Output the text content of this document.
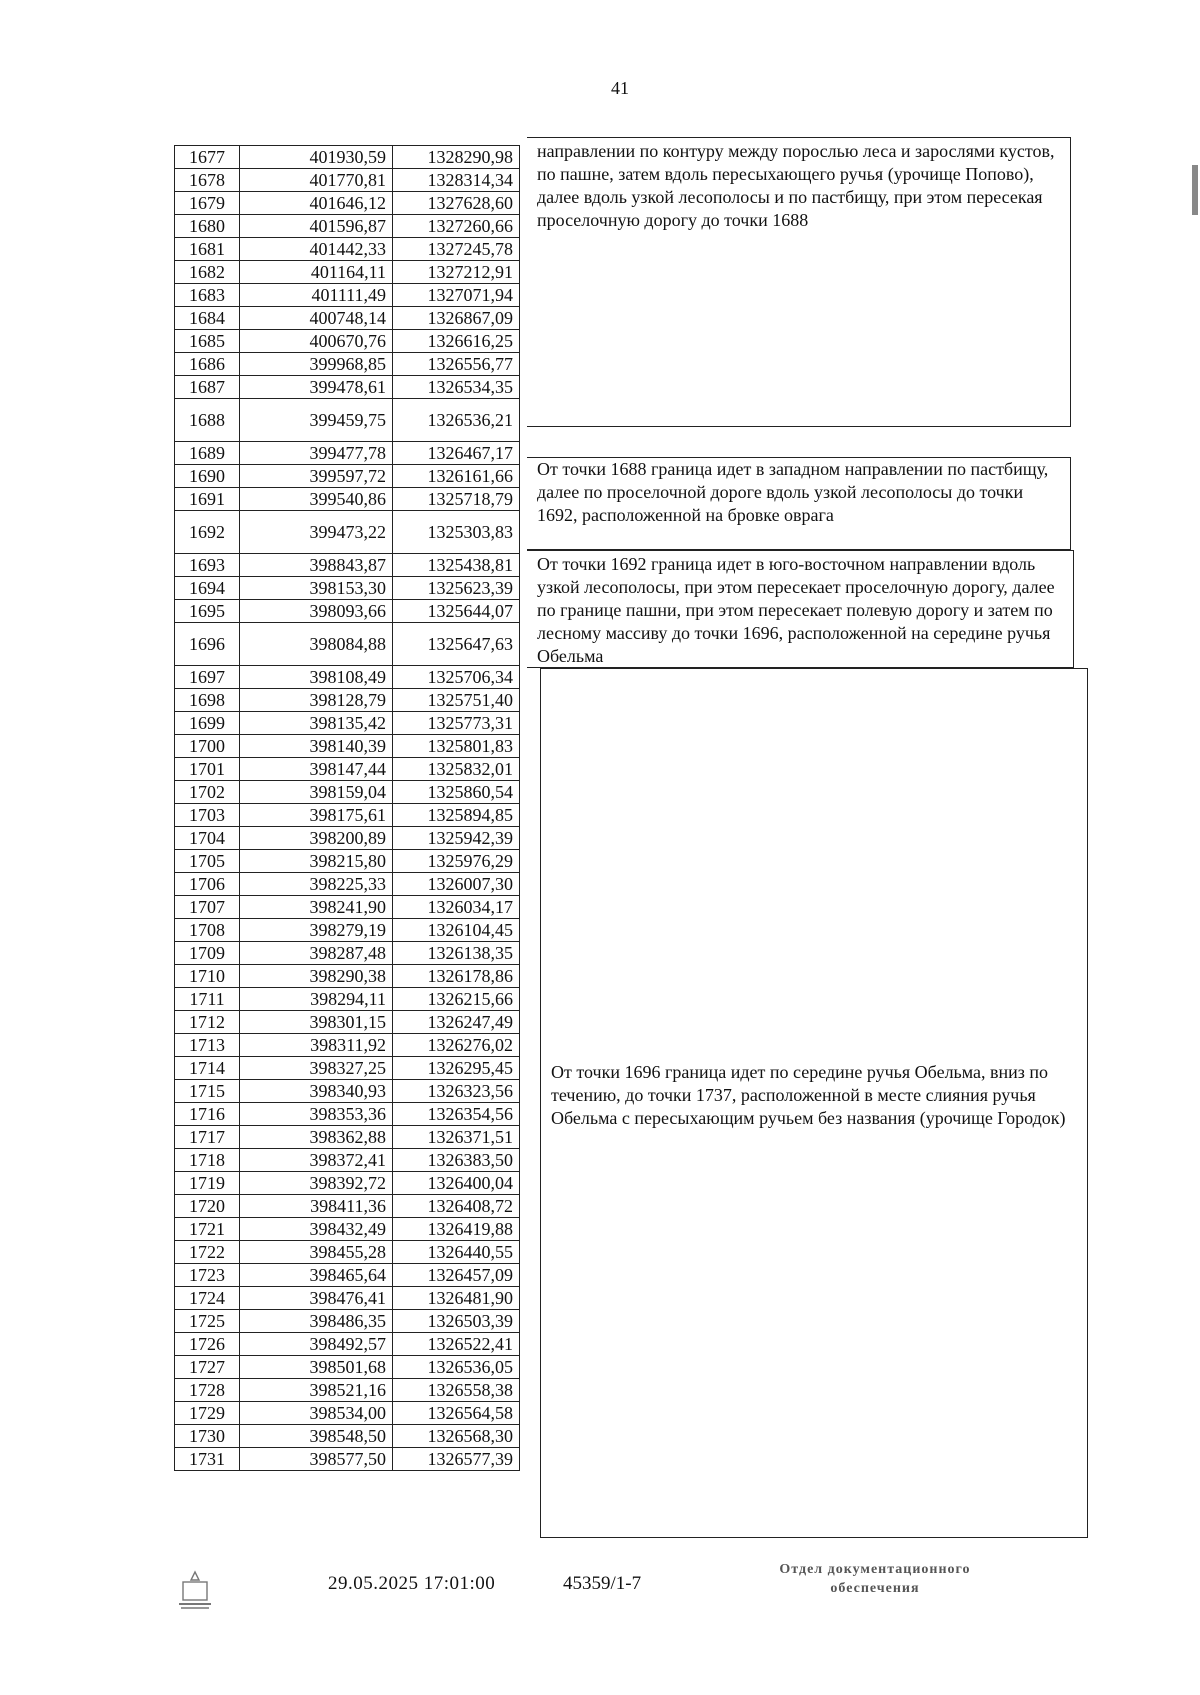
41
1677	401930,59	1328290,98
1678	401770,81	1328314,34
1679	401646,12	1327628,60
1680	401596,87	1327260,66
1681	401442,33	1327245,78
1682	401164,11	1327212,91
1683	401111,49	1327071,94
1684	400748,14	1326867,09
1685	400670,76	1326616,25
1686	399968,85	1326556,77
1687	399478,61	1326534,35
1688	399459,75	1326536,21
1689	399477,78	1326467,17
1690	399597,72	1326161,66
1691	399540,86	1325718,79
1692	399473,22	1325303,83
1693	398843,87	1325438,81
1694	398153,30	1325623,39
1695	398093,66	1325644,07
1696	398084,88	1325647,63
1697	398108,49	1325706,34
1698	398128,79	1325751,40
1699	398135,42	1325773,31
1700	398140,39	1325801,83
1701	398147,44	1325832,01
1702	398159,04	1325860,54
1703	398175,61	1325894,85
1704	398200,89	1325942,39
1705	398215,80	1325976,29
1706	398225,33	1326007,30
1707	398241,90	1326034,17
1708	398279,19	1326104,45
1709	398287,48	1326138,35
1710	398290,38	1326178,86
1711	398294,11	1326215,66
1712	398301,15	1326247,49
1713	398311,92	1326276,02
1714	398327,25	1326295,45
1715	398340,93	1326323,56
1716	398353,36	1326354,56
1717	398362,88	1326371,51
1718	398372,41	1326383,50
1719	398392,72	1326400,04
1720	398411,36	1326408,72
1721	398432,49	1326419,88
1722	398455,28	1326440,55
1723	398465,64	1326457,09
1724	398476,41	1326481,90
1725	398486,35	1326503,39
1726	398492,57	1326522,41
1727	398501,68	1326536,05
1728	398521,16	1326558,38
1729	398534,00	1326564,58
1730	398548,50	1326568,30
1731	398577,50	1326577,39
направлении по контуру между порослью леса и зарослями кустов, по пашне, затем вдоль пересыхающего ручья (урочище Попово), далее вдоль узкой лесополосы и по пастбищу, при этом пересекая проселочную дорогу до точки 1688
От точки 1688 граница идет в западном направлении по пастбищу, далее по проселочной дороге вдоль узкой лесополосы до точки 1692, расположенной на бровке оврага
От точки 1692 граница идет в юго-восточном направлении вдоль узкой лесополосы, при этом пересекает проселочную дорогу, далее по границе пашни, при этом пересекает полевую дорогу и затем по лесному массиву до точки 1696, расположенной на середине ручья Обельма
От точки 1696 граница идет по середине ручья Обельма, вниз по течению, до точки 1737, расположенной в месте слияния ручья Обельма с пересыхающим ручьем без названия (урочище Городок)
29.05.2025 17:01:00	45359/1-7
Отдел документационного
обеспечения
